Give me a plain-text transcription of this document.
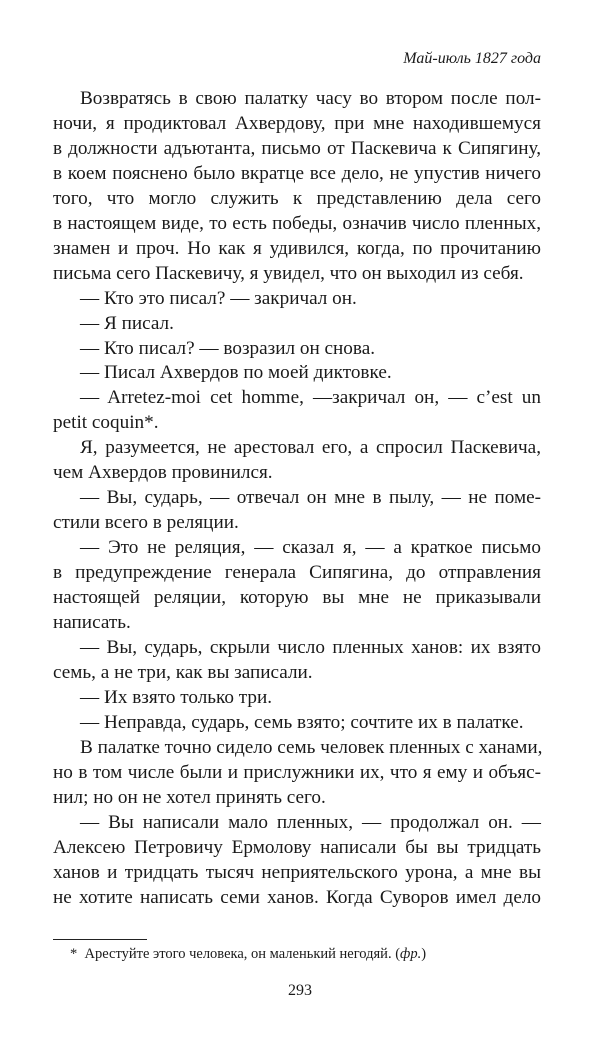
Май-июль 1827 года
Возвратясь в свою палатку часу во втором после пол-
ночи, я продиктовал Ахвердову, при мне находившемуся
в должности адъютанта, письмо от Паскевича к Сипягину,
в коем пояснено было вкратце все дело, не упустив ничего
того, что могло служить к представлению дела сего
в настоящем виде, то есть победы, означив число пленных,
знамен и проч. Но как я удивился, когда, по прочитанию
письма сего Паскевичу, я увидел, что он выходил из себя.
— Кто это писал? — закричал он.
— Я писал.
— Кто писал? — возразил он снова.
— Писал Ахвердов по моей диктовке.
— Arretez-moi cet homme, —закричал он, — c’est un
petit coquin*.
Я, разумеется, не арестовал его, а спросил Паскевича,
чем Ахвердов провинился.
— Вы, сударь, — отвечал он мне в пылу, — не поме-
стили всего в реляции.
— Это не реляция, — сказал я, — а краткое письмо
в предупреждение генерала Сипягина, до отправления
настоящей реляции, которую вы мне не приказывали
написать.
— Вы, сударь, скрыли число пленных ханов: их взято
семь, а не три, как вы записали.
— Их взято только три.
— Неправда, сударь, семь взято; сочтите их в палатке.
В палатке точно сидело семь человек пленных с ханами,
но в том числе были и прислужники их, что я ему и объяс-
нил; но он не хотел принять сего.
— Вы написали мало пленных, — продолжал он. —
Алексею Петровичу Ермолову написали бы вы тридцать
ханов и тридцать тысяч неприятельского урона, а мне вы
не хотите написать семи ханов. Когда Суворов имел дело
* Арестуйте этого человека, он маленький негодяй. (фр.)
293
